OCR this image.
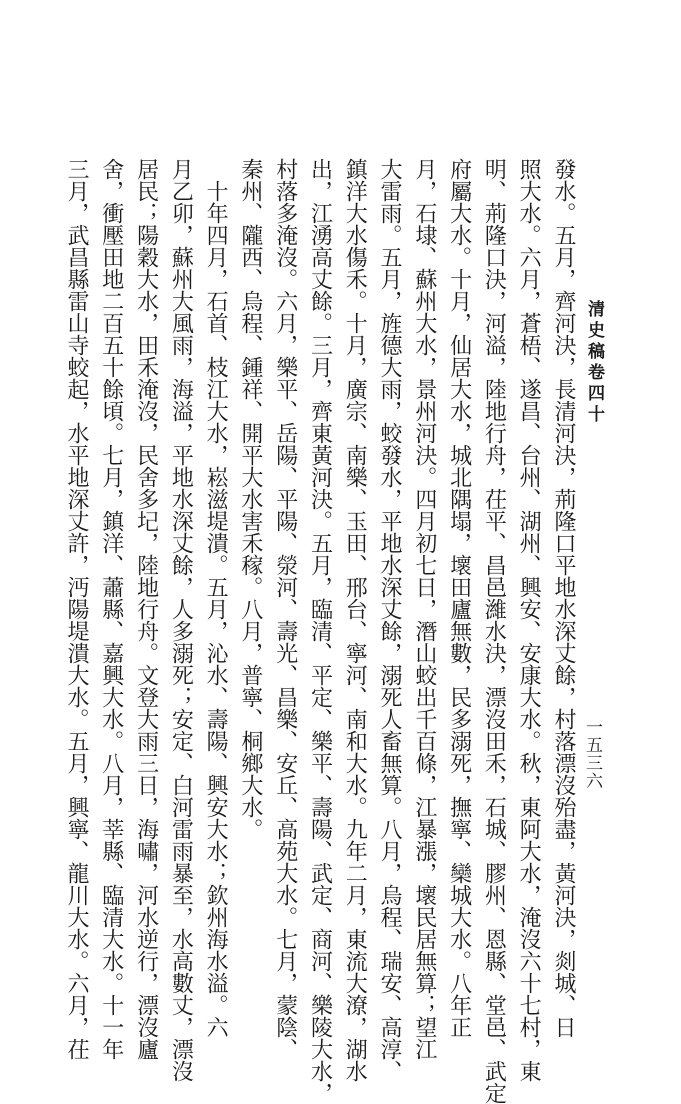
清史稿卷四十
一五三六
發水。五月，齊河決，長清河決，荊隆口平地水深丈餘，村落漂沒殆盡，黃河決，剡城、日
照大水。六月，蒼梧、遂昌、台州、湖州、興安、安康大水。秋，東阿大水，淹沒六十七村，東
明、荊隆口決，河溢，陸地行舟，茌平、昌邑濰水決，漂沒田禾，石城、膠州、恩縣、堂邑、武定
府屬大水。十月，仙居大水，城北隅塌，壞田廬無數，民多溺死，撫寧、欒城大水。八年正
月，石埭、蘇州大水，景州河決。四月初七日，潛山蛟出千百條，江暴漲，壞民居無算；望江
大雷雨。五月，旌德大雨，蛟發水，平地水深丈餘，溺死人畜無算。八月，烏程、瑞安、高淳、
鎮洋大水傷禾。十月，廣宗、南樂、玉田、邢台、寧河、南和大水。九年二月，東流大潦，湖水
出，江湧高丈餘。三月，齊東黃河決。五月，臨清、平定、樂平、壽陽、武定、商河、樂陵大水，
村落多淹沒。六月，樂平、岳陽、平陽、滎河、壽光、昌樂、安丘、高苑大水。七月，蒙陰、
秦州、隴西、烏程、鍾祥、開平大水害禾稼。八月，普寧、桐鄉大水。
　十年四月，石首、枝江大水，崧滋堤潰。五月，沁水、壽陽、興安大水；欽州海水溢。六
月乙卯，蘇州大風雨，海溢，平地水深丈餘，人多溺死；安定、白河雷雨暴至，水高數丈，漂沒
居民；陽穀大水，田禾淹沒，民舍多圮，陸地行舟。文登大雨三日，海嘯，河水逆行，漂沒廬
舍，衝壓田地二百五十餘頃。七月，鎮洋、蕭縣、嘉興大水。八月，莘縣、臨清大水。十一年
三月，武昌縣雷山寺蛟起，水平地深丈許，沔陽堤潰大水。五月，興寧、龍川大水。六月，茌
